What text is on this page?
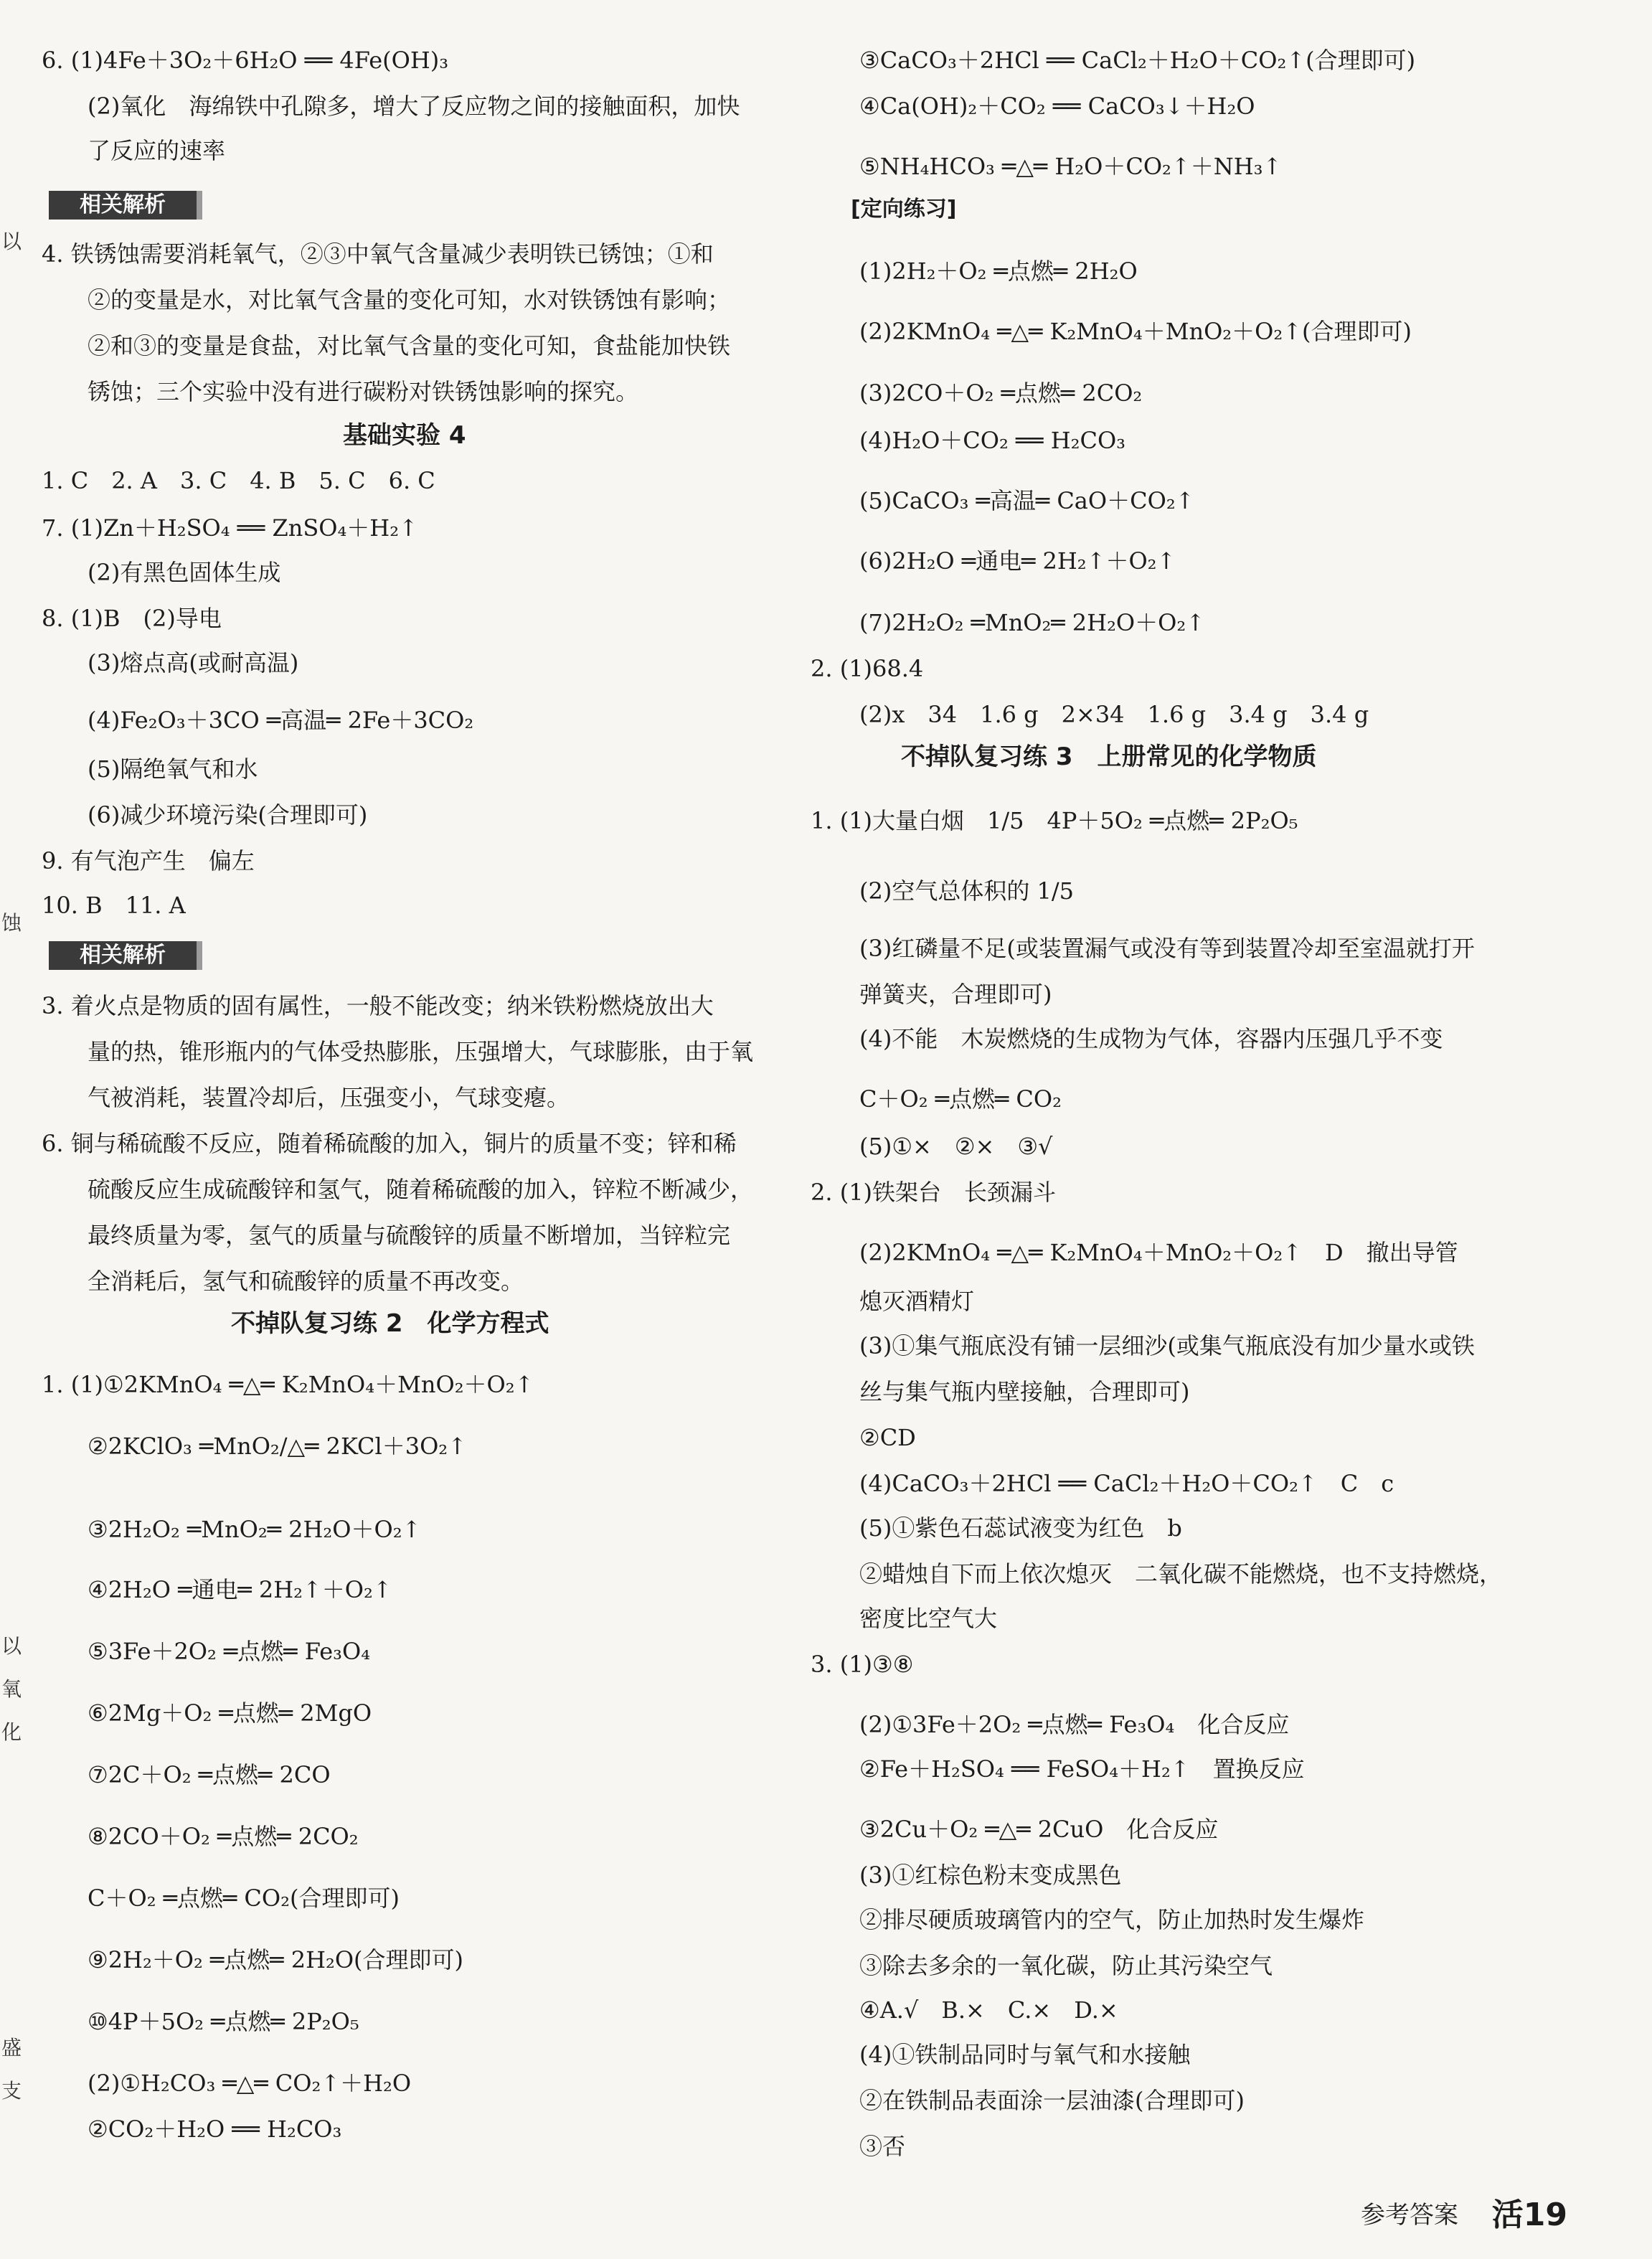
以
蚀
以
氧
化
盛
支
6. (1)4Fe＋3O₂＋6H₂O ══ 4Fe(OH)₃
(2)氧化　海绵铁中孔隙多，增大了反应物之间的接触面积，加快
了反应的速率
相关解析
4. 铁锈蚀需要消耗氧气，②③中氧气含量减少表明铁已锈蚀；①和
②的变量是水，对比氧气含量的变化可知，水对铁锈蚀有影响；
②和③的变量是食盐，对比氧气含量的变化可知，食盐能加快铁
锈蚀；三个实验中没有进行碳粉对铁锈蚀影响的探究。
基础实验 4
1. C　2. A　3. C　4. B　5. C　6. C
7. (1)Zn＋H₂SO₄ ══ ZnSO₄＋H₂↑
(2)有黑色固体生成
8. (1)B　(2)导电
(3)熔点高(或耐高温)
(4)Fe₂O₃＋3CO ═高温═ 2Fe＋3CO₂
(5)隔绝氧气和水
(6)减少环境污染(合理即可)
9. 有气泡产生　偏左
10. B　11. A
相关解析
3. 着火点是物质的固有属性，一般不能改变；纳米铁粉燃烧放出大
量的热，锥形瓶内的气体受热膨胀，压强增大，气球膨胀，由于氧
气被消耗，装置冷却后，压强变小，气球变瘪。
6. 铜与稀硫酸不反应，随着稀硫酸的加入，铜片的质量不变；锌和稀
硫酸反应生成硫酸锌和氢气，随着稀硫酸的加入，锌粒不断减少，
最终质量为零，氢气的质量与硫酸锌的质量不断增加，当锌粒完
全消耗后，氢气和硫酸锌的质量不再改变。
不掉队复习练 2　化学方程式
1. (1)①2KMnO₄ ═△═ K₂MnO₄＋MnO₂＋O₂↑
②2KClO₃ ═MnO₂/△═ 2KCl＋3O₂↑
③2H₂O₂ ═MnO₂═ 2H₂O＋O₂↑
④2H₂O ═通电═ 2H₂↑＋O₂↑
⑤3Fe＋2O₂ ═点燃═ Fe₃O₄
⑥2Mg＋O₂ ═点燃═ 2MgO
⑦2C＋O₂ ═点燃═ 2CO
⑧2CO＋O₂ ═点燃═ 2CO₂
C＋O₂ ═点燃═ CO₂(合理即可)
⑨2H₂＋O₂ ═点燃═ 2H₂O(合理即可)
⑩4P＋5O₂ ═点燃═ 2P₂O₅
(2)①H₂CO₃ ═△═ CO₂↑＋H₂O
②CO₂＋H₂O ══ H₂CO₃
③CaCO₃＋2HCl ══ CaCl₂＋H₂O＋CO₂↑(合理即可)
④Ca(OH)₂＋CO₂ ══ CaCO₃↓＋H₂O
⑤NH₄HCO₃ ═△═ H₂O＋CO₂↑＋NH₃↑
[定向练习]
(1)2H₂＋O₂ ═点燃═ 2H₂O
(2)2KMnO₄ ═△═ K₂MnO₄＋MnO₂＋O₂↑(合理即可)
(3)2CO＋O₂ ═点燃═ 2CO₂
(4)H₂O＋CO₂ ══ H₂CO₃
(5)CaCO₃ ═高温═ CaO＋CO₂↑
(6)2H₂O ═通电═ 2H₂↑＋O₂↑
(7)2H₂O₂ ═MnO₂═ 2H₂O＋O₂↑
2. (1)68.4
(2)x　34　1.6 g　2×34　1.6 g　3.4 g　3.4 g
不掉队复习练 3　上册常见的化学物质
1. (1)大量白烟　1/5　4P＋5O₂ ═点燃═ 2P₂O₅
(2)空气总体积的 1/5
(3)红磷量不足(或装置漏气或没有等到装置冷却至室温就打开
弹簧夹，合理即可)
(4)不能　木炭燃烧的生成物为气体，容器内压强几乎不变
C＋O₂ ═点燃═ CO₂
(5)①×　②×　③√
2. (1)铁架台　长颈漏斗
(2)2KMnO₄ ═△═ K₂MnO₄＋MnO₂＋O₂↑　D　撤出导管
熄灭酒精灯
(3)①集气瓶底没有铺一层细沙(或集气瓶底没有加少量水或铁
丝与集气瓶内壁接触，合理即可)
②CD
(4)CaCO₃＋2HCl ══ CaCl₂＋H₂O＋CO₂↑　C　c
(5)①紫色石蕊试液变为红色　b
②蜡烛自下而上依次熄灭　二氧化碳不能燃烧，也不支持燃烧，
密度比空气大
3. (1)③⑧
(2)①3Fe＋2O₂ ═点燃═ Fe₃O₄　化合反应
②Fe＋H₂SO₄ ══ FeSO₄＋H₂↑　置换反应
③2Cu＋O₂ ═△═ 2CuO　化合反应
(3)①红棕色粉末变成黑色
②排尽硬质玻璃管内的空气，防止加热时发生爆炸
③除去多余的一氧化碳，防止其污染空气
④A.√　B.×　C.×　D.×
(4)①铁制品同时与氧气和水接触
②在铁制品表面涂一层油漆(合理即可)
③否
参考答案 活19
